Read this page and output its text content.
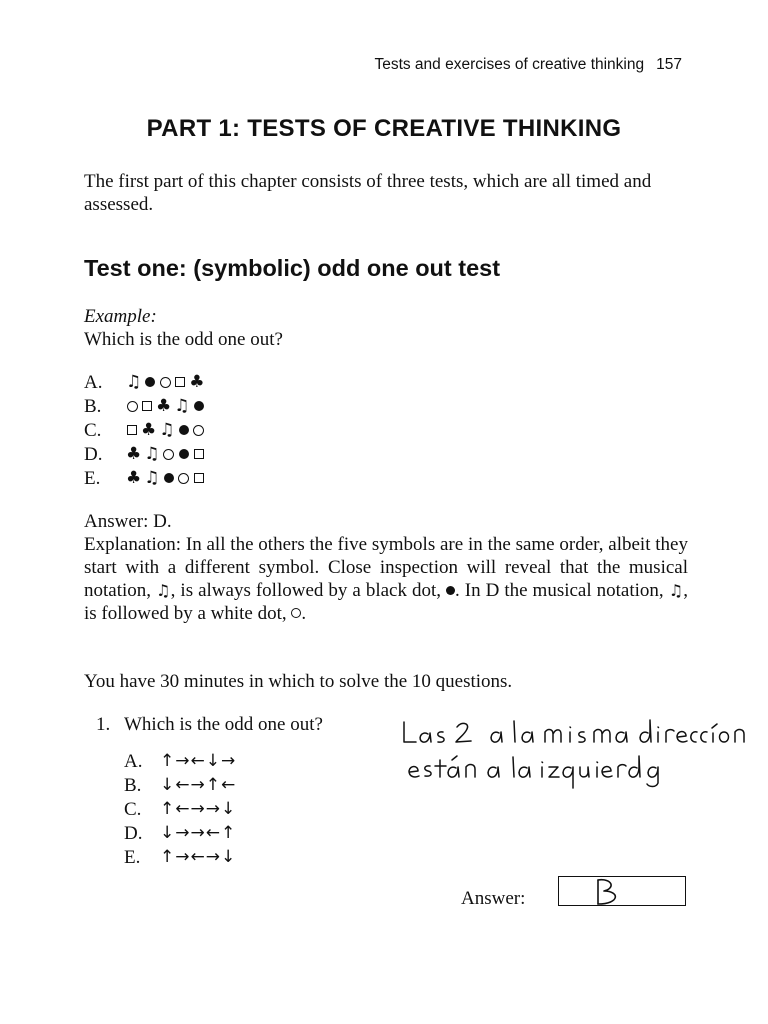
Tests and exercises of creative thinking 157
PART 1: TESTS OF CREATIVE THINKING
The first part of this chapter consists of three tests, which are all timed and assessed.
Test one: (symbolic) odd one out test
Example:
Which is the odd one out?
A.	♫	♣
B.	♣ ♫
C.	♣ ♫
D.	♣ ♫
E.	♣ ♫
Answer: D.
Explanation: In all the others the five symbols are in the same order, albeit they start with a different symbol. Close inspection will reveal that the musical notation, ♫, is always followed by a black dot, . In D the musical notation, ♫, is followed by a white dot, .
You have 30 minutes in which to solve the 10 questions.
1. Which is the odd one out?
A.	↑→←↓→
B.	↓←→↑←
C.	↑←→→↓
D.	↓→→←↑
E.	↑→←→↓
Answer:
